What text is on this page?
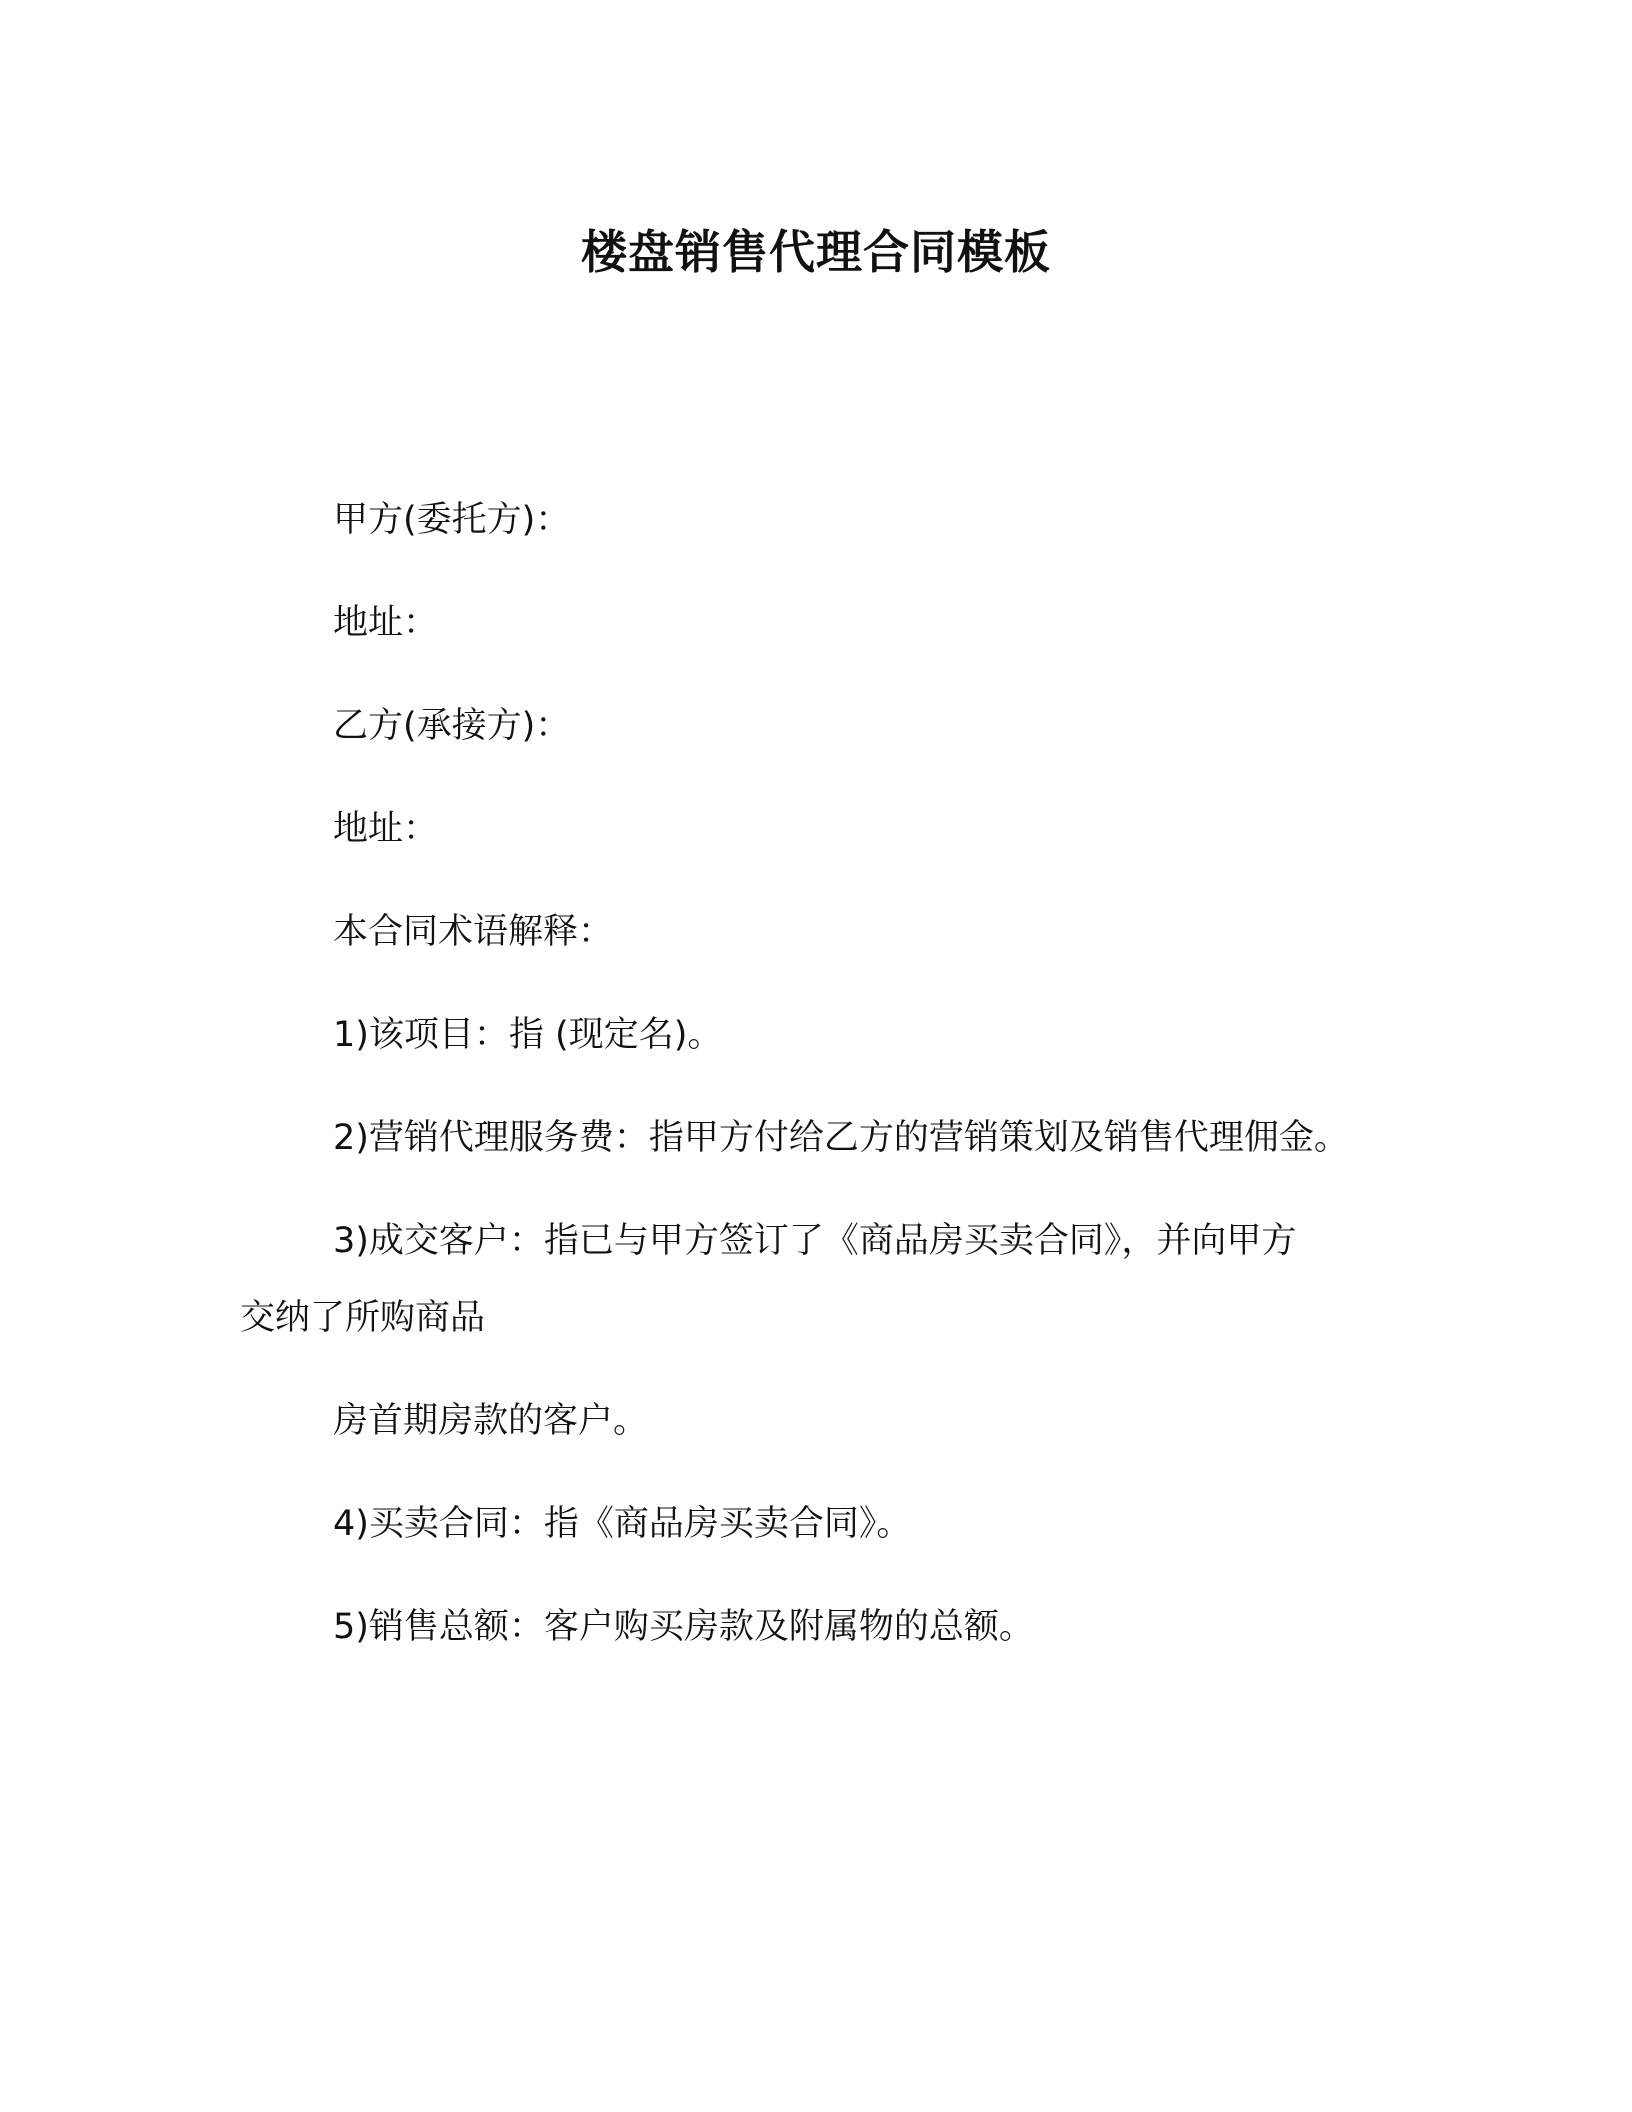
楼盘销售代理合同模板
甲方(委托方)：
地址：
乙方(承接方)：
地址：
本合同术语解释：
1)该项目：指 (现定名)。
2)营销代理服务费：指甲方付给乙方的营销策划及销售代理佣金。
3)成交客户：指已与甲方签订了《商品房买卖合同》，并向甲方
交纳了所购商品
房首期房款的客户。
4)买卖合同：指《商品房买卖合同》。
5)销售总额：客户购买房款及附属物的总额。
